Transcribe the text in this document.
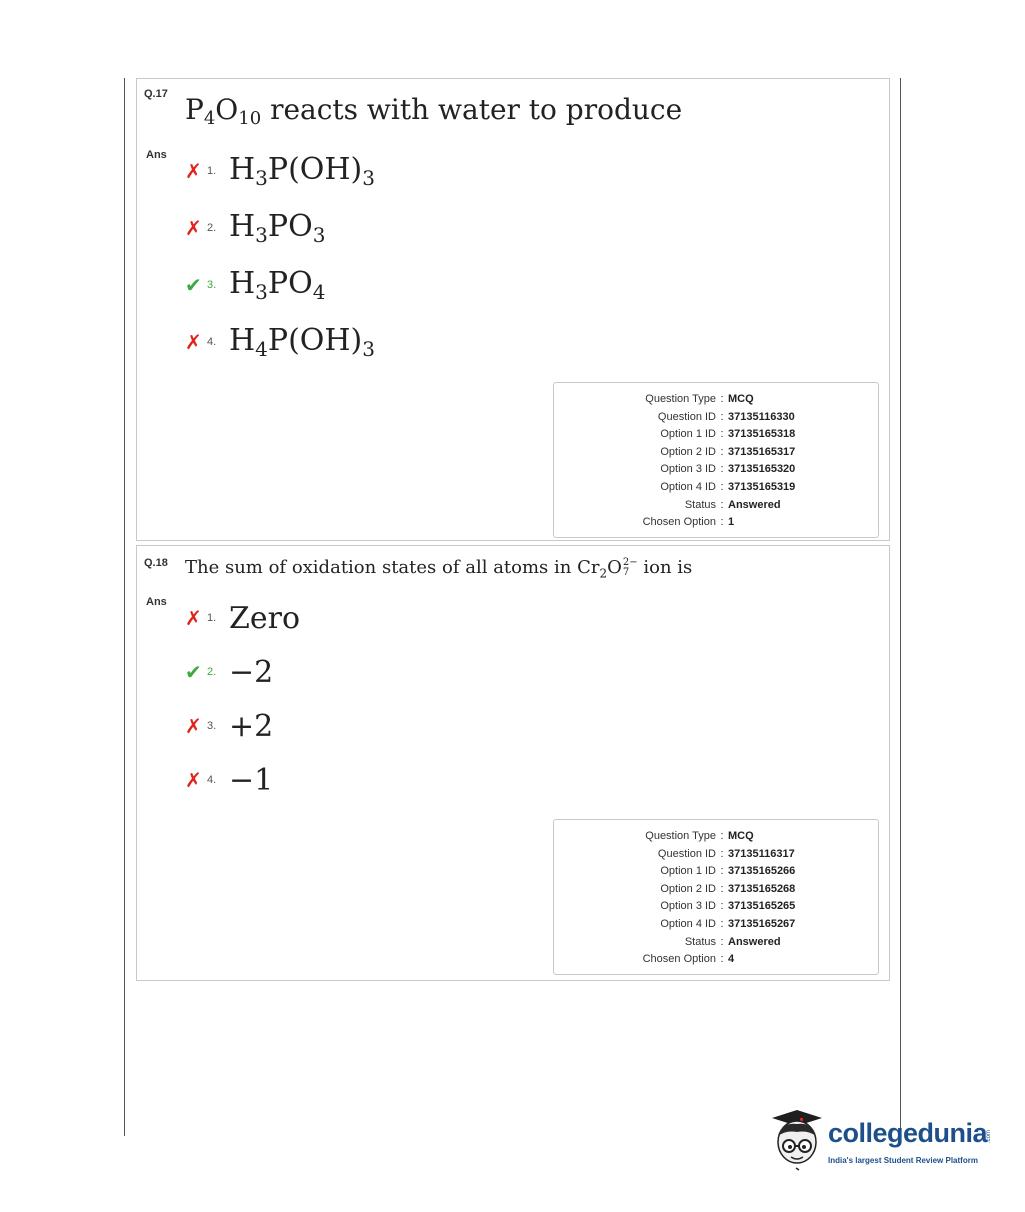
Q.17 $P_4O_{10}$ reacts with water to produce
Ans
✗ 1. $H_3P(OH)_3$
✗ 2. $H_3PO_3$
✔ 3. $H_3PO_4$
✗ 4. $H_4P(OH)_3$
Question Type : MCQ
Question ID : 37135116330
Option 1 ID : 37135165318
Option 2 ID : 37135165317
Option 3 ID : 37135165320
Option 4 ID : 37135165319
Status : Answered
Chosen Option : 1
Q.18 The sum of oxidation states of all atoms in $Cr_2O$ 2−
7 ion is
Ans
✗ 1. Zero
✔ 2. −2
✗ 3. +2
✗ 4. −1
Question Type : MCQ
Question ID : 37135116317
Option 1 ID : 37135165266
Option 2 ID : 37135165268
Option 3 ID : 37135165265
Option 4 ID : 37135165267
Status : Answered
Chosen Option : 4
collegedunia
.com
India's largest Student Review Platform
